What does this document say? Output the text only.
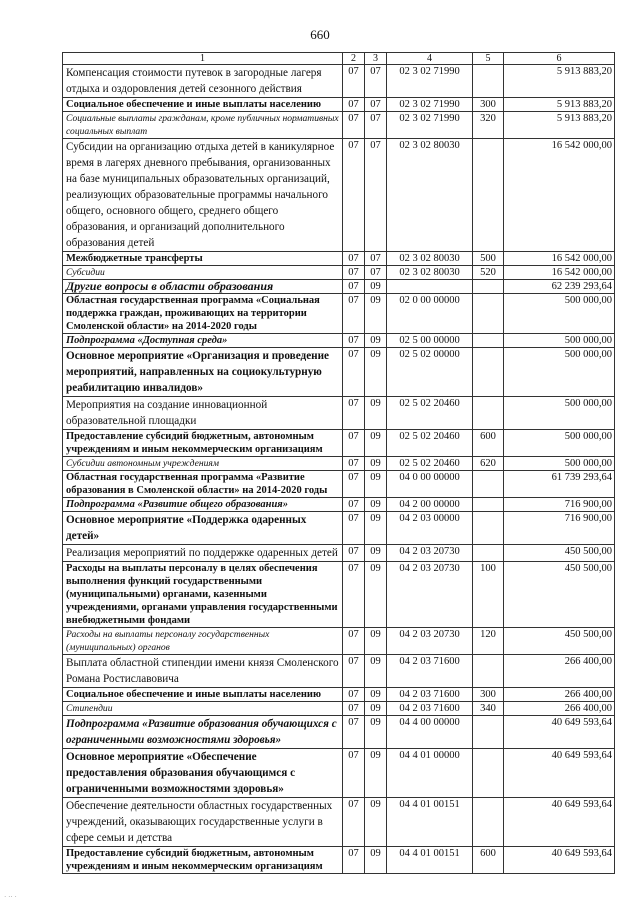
660
1	2	3	4	5	6
Компенсация стоимости путевок в загородные лагеря отдыха и оздоровления детей сезонного действия	07	07	02 3 02 71990		5 913 883,20
Социальное обеспечение и иные выплаты населению	07	07	02 3 02 71990	300	5 913 883,20
Социальные выплаты гражданам, кроме публичных нормативных социальных выплат	07	07	02 3 02 71990	320	5 913 883,20
Субсидии на организацию отдыха детей в каникулярное время в лагерях дневного пребывания, организованных на базе муниципальных образовательных организаций, реализующих образовательные программы начального общего, основного общего, среднего общего образования, и организаций дополнительного образования детей	07	07	02 3 02 80030		16 542 000,00
Межбюджетные трансферты	07	07	02 3 02 80030	500	16 542 000,00
Субсидии	07	07	02 3 02 80030	520	16 542 000,00
Другие вопросы в области образования	07	09			62 239 293,64
Областная государственная программа «Социальная поддержка граждан, проживающих на территории Смоленской области» на 2014-2020 годы	07	09	02 0 00 00000		500 000,00
Подпрограмма «Доступная среда»	07	09	02 5 00 00000		500 000,00
Основное мероприятие «Организация и проведение мероприятий, направленных на социокультурную реабилитацию инвалидов»	07	09	02 5 02 00000		500 000,00
Мероприятия на создание инновационной образовательной площадки	07	09	02 5 02 20460		500 000,00
Предоставление субсидий бюджетным, автономным учреждениям и иным некоммерческим организациям	07	09	02 5 02 20460	600	500 000,00
Субсидии автономным учреждениям	07	09	02 5 02 20460	620	500 000,00
Областная государственная программа «Развитие образования в Смоленской области» на 2014-2020 годы	07	09	04 0 00 00000		61 739 293,64
Подпрограмма «Развитие общего образования»	07	09	04 2 00 00000		716 900,00
Основное мероприятие «Поддержка одаренных детей»	07	09	04 2 03 00000		716 900,00
Реализация мероприятий по поддержке одаренных детей	07	09	04 2 03 20730		450 500,00
Расходы на выплаты персоналу в целях обеспечения выполнения функций государственными (муниципальными) органами, казенными учреждениями, органами управления государственными внебюджетными фондами	07	09	04 2 03 20730	100	450 500,00
Расходы на выплаты персоналу государственных (муниципальных) органов	07	09	04 2 03 20730	120	450 500,00
Выплата областной стипендии имени князя Смоленского Романа Ростиславовича	07	09	04 2 03 71600		266 400,00
Социальное обеспечение и иные выплаты населению	07	09	04 2 03 71600	300	266 400,00
Стипендии	07	09	04 2 03 71600	340	266 400,00
Подпрограмма «Развитие образования обучающихся с ограниченными возможностями здоровья»	07	09	04 4 00 00000		40 649 593,64
Основное мероприятие «Обеспечение предоставления образования обучающимся с ограниченными возможностями здоровья»	07	09	04 4 01 00000		40 649 593,64
Обеспечение деятельности областных государственных учреждений, оказывающих государственные услуги в сфере семьи и детства	07	09	04 4 01 00151		40 649 593,64
Предоставление субсидий бюджетным, автономным учреждениям и иным некоммерческим организациям	07	09	04 4 01 00151	600	40 649 593,64
· ·· ·
